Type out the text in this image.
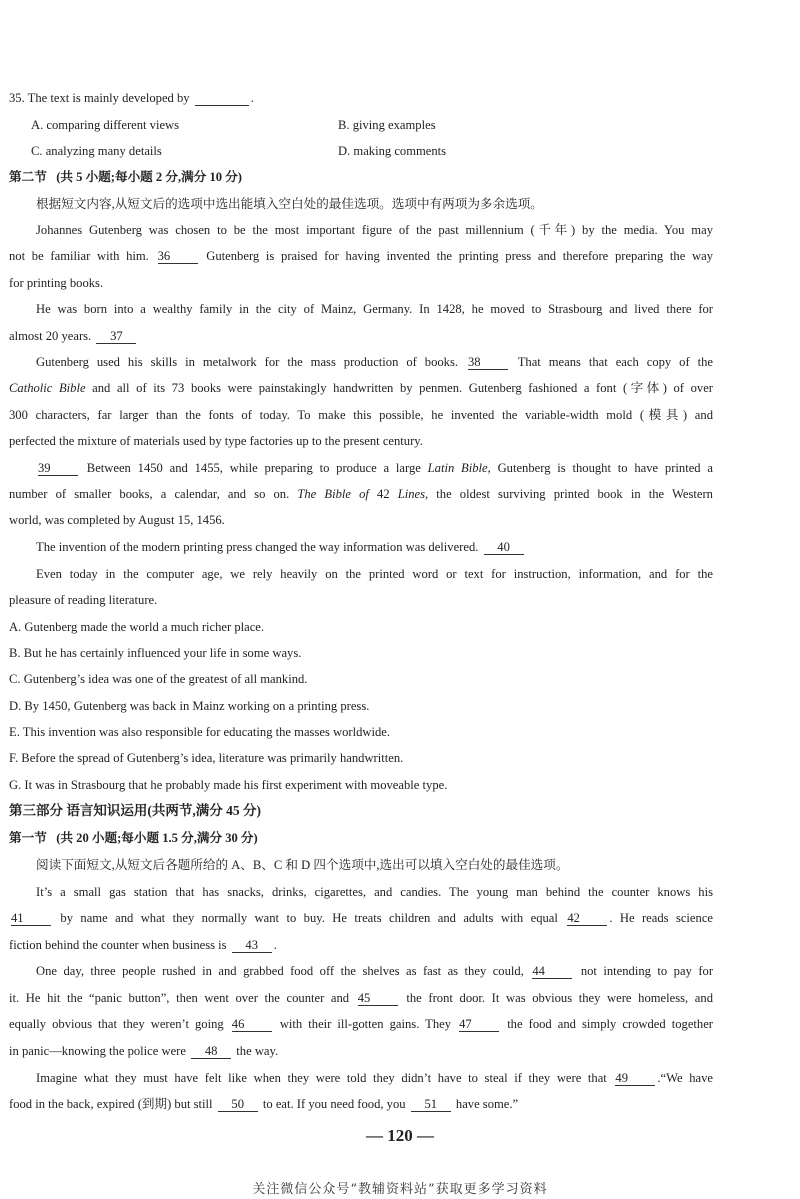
35. The text is mainly developed by	.
A. comparing different views	B. giving examples
C. analyzing many details	D. making comments
第二节 (共 5 小题;每小题 2 分,满分 10 分)
根据短文内容,从短文后的选项中选出能填入空白处的最佳选项。选项中有两项为多余选项。
Johannes Gutenberg was chosen to be the most important figure of the past millennium (千年) by the media. You may
not be familiar with him. 36	Gutenberg is praised for having invented the printing press and therefore preparing the way
for printing books.
He was born into a wealthy family in the city of Mainz, Germany. In 1428, he moved to Strasbourg and lived there for
almost 20 years. 37
Gutenberg used his skills in metalwork for the mass production of books. 38	That means that each copy of the
Catholic Bible and all of its 73 books were painstakingly handwritten by penmen. Gutenberg fashioned a font (字体) of over
300 characters, far larger than the fonts of today. To make this possible, he invented the variable-width mold (模具) and
perfected the mixture of materials used by type factories up to the present century.
39	Between 1450 and 1455, while preparing to produce a large Latin Bible, Gutenberg is thought to have printed a
number of smaller books, a calendar, and so on. The Bible of 42 Lines, the oldest surviving printed book in the Western
world, was completed by August 15, 1456.
The invention of the modern printing press changed the way information was delivered. 40
Even today in the computer age, we rely heavily on the printed word or text for instruction, information, and for the
pleasure of reading literature.
A. Gutenberg made the world a much richer place.
B. But he has certainly influenced your life in some ways.
C. Gutenberg’s idea was one of the greatest of all mankind.
D. By 1450, Gutenberg was back in Mainz working on a printing press.
E. This invention was also responsible for educating the masses worldwide.
F. Before the spread of Gutenberg’s idea, literature was primarily handwritten.
G. It was in Strasbourg that he probably made his first experiment with moveable type.
第三部分 语言知识运用(共两节,满分 45 分)
第一节 (共 20 小题;每小题 1.5 分,满分 30 分)
阅读下面短文,从短文后各题所给的 A、B、C 和 D 四个选项中,选出可以填入空白处的最佳选项。
It’s a small gas station that has snacks, drinks, cigarettes, and candies. The young man behind the counter knows his
41	by name and what they normally want to buy. He treats children and adults with equal 42 . He reads science
fiction behind the counter when business is 43 .
One day, three people rushed in and grabbed food off the shelves as fast as they could, 44	not intending to pay for
it. He hit the “panic button”, then went over the counter and 45	the front door. It was obvious they were homeless, and
equally obvious that they weren’t going 46	with their ill-gotten gains. They 47	the food and simply crowded together
in panic—knowing the police were 48 the way.
Imagine what they must have felt like when they were told they didn’t have to steal if they were that 49 .“We have
food in the back, expired (到期) but still 50 to eat. If you need food, you 51 have some.”
— 120 —
关注微信公众号“教辅资料站”获取更多学习资料
